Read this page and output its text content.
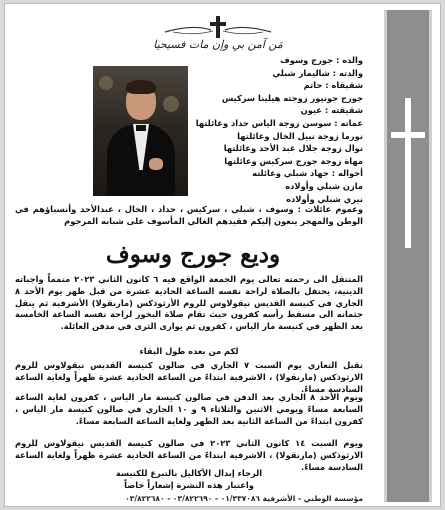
مَن آمن بي وإن مات فسيحيا
والده : جورج وسوف
والدته : شاليمار شبلي
شقيقاه : حاتم
جورج جونيور زوجته هيلينا سركيس
شقيقته : عيون
عماته : سوسن زوجة الياس حداد وعائلتها
نورما زوجة نبيل الخال وعائلتها
نوال زوجة جلال عبد الأحد وعائلتها
مهاة زوجة جورج سركيس وعائلتها
أخواله : جهاد شبلي وعائلته
مازن شبلي وأولاده
نيري شبلي وأولاده

وعموم عائلات : وسوف ، شبلي ، سركيس ، حداد ، الخال ، عبدالأحد وأنسباؤهم في الوطن والمهجر ينعون إليكم فقيدهم الغالي المأسوف على شبابه المرحوم

وديع جورج وسوف

المنتقل الى رحمته تعالى يوم الجمعة الواقع فيه ٦ كانون الثاني ٢٠٢٣ متمماً واجباته الدينية، يحتفل بالصلاة لراحة نفسه الساعة الحادية عشرة من قبل ظهر يوم الأحد ٨ الجاري في كنيسة القديس نيقولاوس للروم الأرثوذكس (مارنقولا) الأشرفية ثم ينقل جثمانه الى مسقط رأسه كفرون حيث تقام صلاة البخور لراحة نفسه الساعة الخامسة بعد الظهر في كنيسة مار الياس ، كفرون ثم يوارى الثرى في مدفن العائلة.

لكم من بعده طول البقاء

تقبل التعازي يوم السبت ٧ الجاري في صالون كنيسة القديس نيقولاوس للروم الارثوذكس (مارنقولا) ، الاشرفية ابتداءً من الساعة الحادية عشرة ظهراً ولغاية الساعة السادسة مساءً.

ويوم الأحد ٨ الجاري بعد الدفن في صالون كنيسة مار الياس ، كفرون لغاية الساعة السابعة مساءً ويومي الاثنين والثلاثاء ٩ و ١٠ الجاري في صالون كنيسة مار الياس ، كفرون ابتداءً من الساعة الثانية بعد الظهر ولغاية الساعة السابعة مساءً.

ويوم السبت ١٤ كانون الثاني ٢٠٢٣ في صالون كنيسة القديس نيقولاوس للروم الارثوذكس (مارنقولا) ، الاشرفية ابتداءً من الساعة الحادية عشرة ظهراً ولغاية الساعة السادسة مساءً.

الرجاء إبدال الأكاليل بالتبرع للكنيسة

واعتبار هذه النشرة إشعاراً خاصاً

مؤسسة الوطني - الأشرفية ٠١/٣٣٧٠٨٦ - ٠٣/٨٢٢٦٩٠ - ٠٣/٨٢٢٦٨٠
